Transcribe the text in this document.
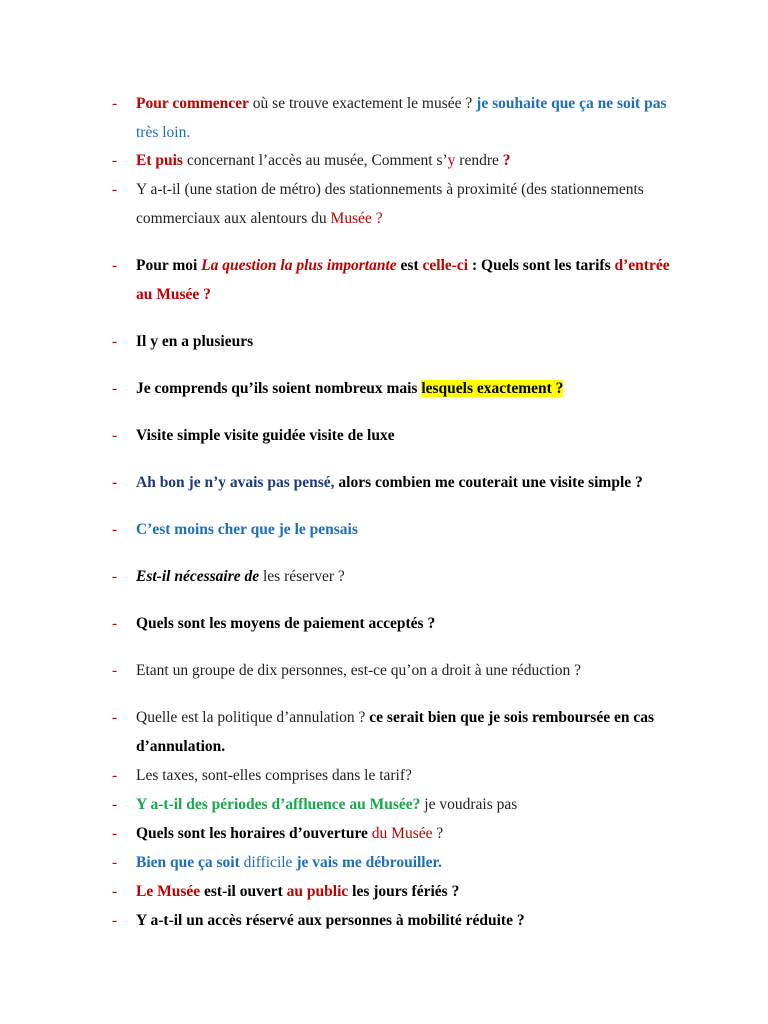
-	Pour commencer où se trouve exactement le musée ? je souhaite que ça ne soit pas très loin.
-	Et puis concernant l’accès au musée, Comment s’y rendre ?
-	Y a-t-il (une station de métro) des stationnements à proximité (des stationnements commerciaux aux alentours du Musée ?
-	Pour moi La question la plus importante est celle-ci : Quels sont les tarifs d’entrée au Musée ?
-	Il y en a plusieurs
-	Je comprends qu’ils soient nombreux mais lesquels exactement ?
-	Visite simple visite guidée visite de luxe
-	Ah bon je n’y avais pas pensé, alors combien me couterait une visite simple ?
-	C’est moins cher que je le pensais
-	Est-il nécessaire de les réserver ?
-	Quels sont les moyens de paiement acceptés ?
-	Etant un groupe de dix personnes, est-ce qu’on a droit à une réduction ?
-	Quelle est la politique d’annulation ? ce serait bien que je sois remboursée en cas d’annulation.
-	Les taxes, sont-elles comprises dans le tarif?
-	Y a-t-il des périodes d’affluence au Musée? je voudrais pas
-	Quels sont les horaires d’ouverture du Musée ?
-	Bien que ça soit difficile je vais me débrouiller.
-	Le Musée est-il ouvert au public les jours fériés ?
-	Y a-t-il un accès réservé aux personnes à mobilité réduite ?
